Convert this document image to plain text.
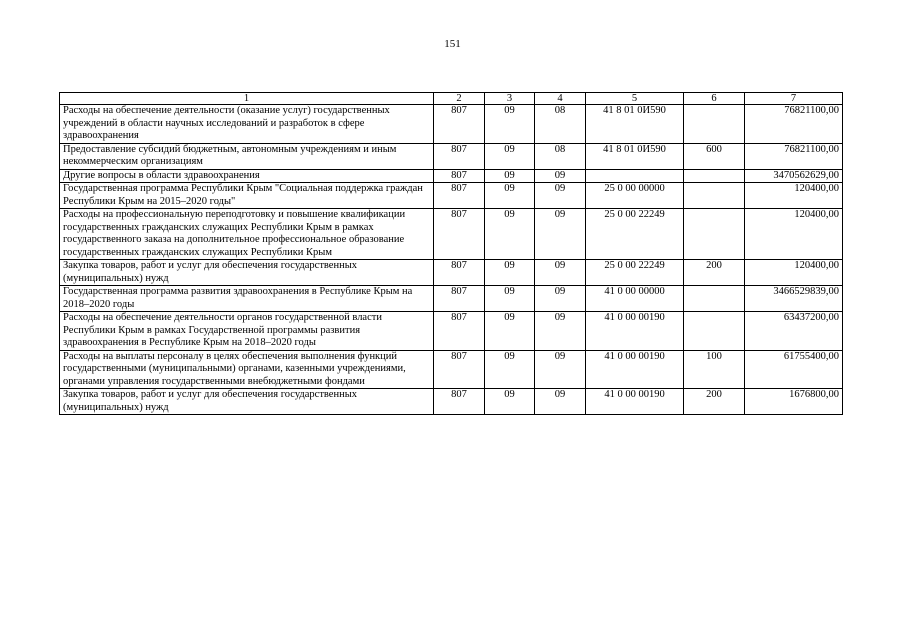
151
1	2	3	4	5	6	7
Расходы на обеспечение деятельности (оказание услуг) государственных учреждений в области научных исследований и разработок в сфере здравоохранения	807	09	08	41 8 01 0И590		76821100,00
Предоставление субсидий бюджетным, автономным учреждениям и иным некоммерческим организациям	807	09	08	41 8 01 0И590	600	76821100,00
Другие вопросы в области здравоохранения	807	09	09			3470562629,00
Государственная программа Республики Крым "Социальная поддержка граждан Республики Крым на 2015–2020 годы"	807	09	09	25 0 00 00000		120400,00
Расходы на профессиональную переподготовку и повышение квалификации государственных гражданских служащих Республики Крым в рамках государственного заказа на дополнительное профессиональное образование государственных гражданских служащих Республики Крым	807	09	09	25 0 00 22249		120400,00
Закупка товаров, работ и услуг для обеспечения государственных (муниципальных) нужд	807	09	09	25 0 00 22249	200	120400,00
Государственная программа развития здравоохранения в Республике Крым на 2018–2020 годы	807	09	09	41 0 00 00000		3466529839,00
Расходы на обеспечение деятельности органов государственной власти Республики Крым в рамках Государственной программы развития здравоохранения в Республике Крым на 2018–2020 годы	807	09	09	41 0 00 00190		63437200,00
Расходы на выплаты персоналу в целях обеспечения выполнения функций государственными (муниципальными) органами, казенными учреждениями, органами управления государственными внебюджетными фондами	807	09	09	41 0 00 00190	100	61755400,00
Закупка товаров, работ и услуг для обеспечения государственных (муниципальных) нужд	807	09	09	41 0 00 00190	200	1676800,00
